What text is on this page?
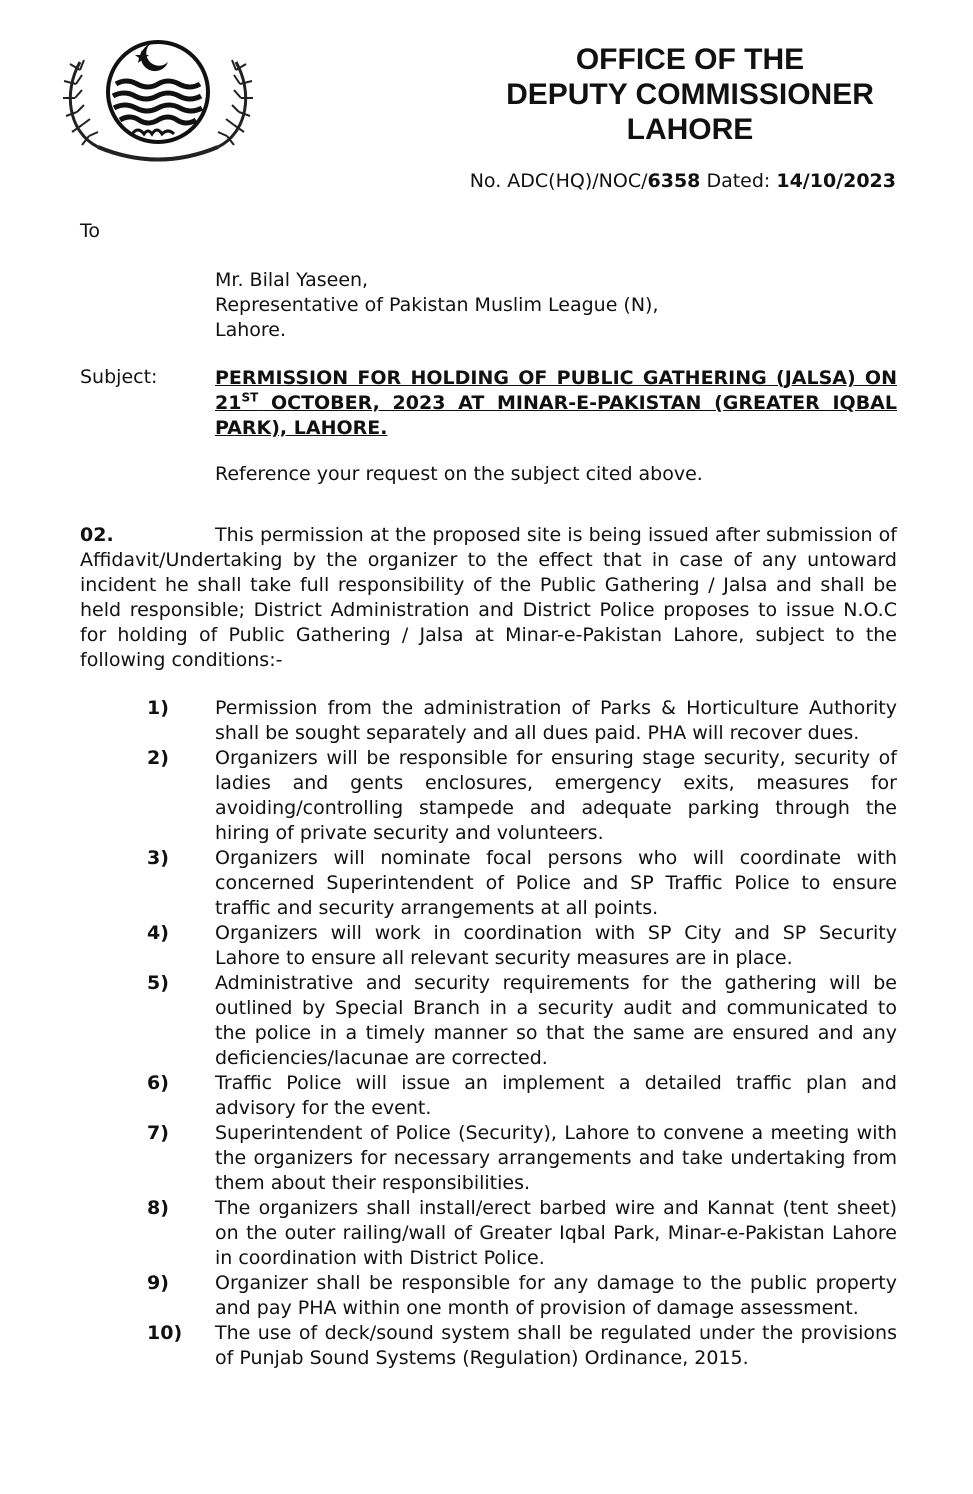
OFFICE OF THE
DEPUTY COMMISSIONER
LAHORE
No. ADC(HQ)/NOC/6358 Dated: 14/10/2023
To
Mr. Bilal Yaseen,
Representative of Pakistan Muslim League (N),
Lahore.
Subject:	PERMISSION FOR HOLDING OF PUBLIC GATHERING (JALSA) ON 21ST OCTOBER, 2023 AT MINAR-E-PAKISTAN (GREATER IQBAL PARK), LAHORE.
Reference your request on the subject cited above.
02.	This permission at the proposed site is being issued after submission of Affidavit/Undertaking by the organizer to the effect that in case of any untoward incident he shall take full responsibility of the Public Gathering / Jalsa and shall be held responsible; District Administration and District Police proposes to issue N.O.C for holding of Public Gathering / Jalsa at Minar-e-Pakistan Lahore, subject to the following conditions:-
1) Permission from the administration of Parks & Horticulture Authority shall be sought separately and all dues paid. PHA will recover dues.
2) Organizers will be responsible for ensuring stage security, security of ladies and gents enclosures, emergency exits, measures for avoiding/controlling stampede and adequate parking through the hiring of private security and volunteers.
3) Organizers will nominate focal persons who will coordinate with concerned Superintendent of Police and SP Traffic Police to ensure traffic and security arrangements at all points.
4) Organizers will work in coordination with SP City and SP Security Lahore to ensure all relevant security measures are in place.
5) Administrative and security requirements for the gathering will be outlined by Special Branch in a security audit and communicated to the police in a timely manner so that the same are ensured and any deficiencies/lacunae are corrected.
6) Traffic Police will issue an implement a detailed traffic plan and advisory for the event.
7) Superintendent of Police (Security), Lahore to convene a meeting with the organizers for necessary arrangements and take undertaking from them about their responsibilities.
8) The organizers shall install/erect barbed wire and Kannat (tent sheet) on the outer railing/wall of Greater Iqbal Park, Minar-e-Pakistan Lahore in coordination with District Police.
9) Organizer shall be responsible for any damage to the public property and pay PHA within one month of provision of damage assessment.
10) The use of deck/sound system shall be regulated under the provisions of Punjab Sound Systems (Regulation) Ordinance, 2015.
